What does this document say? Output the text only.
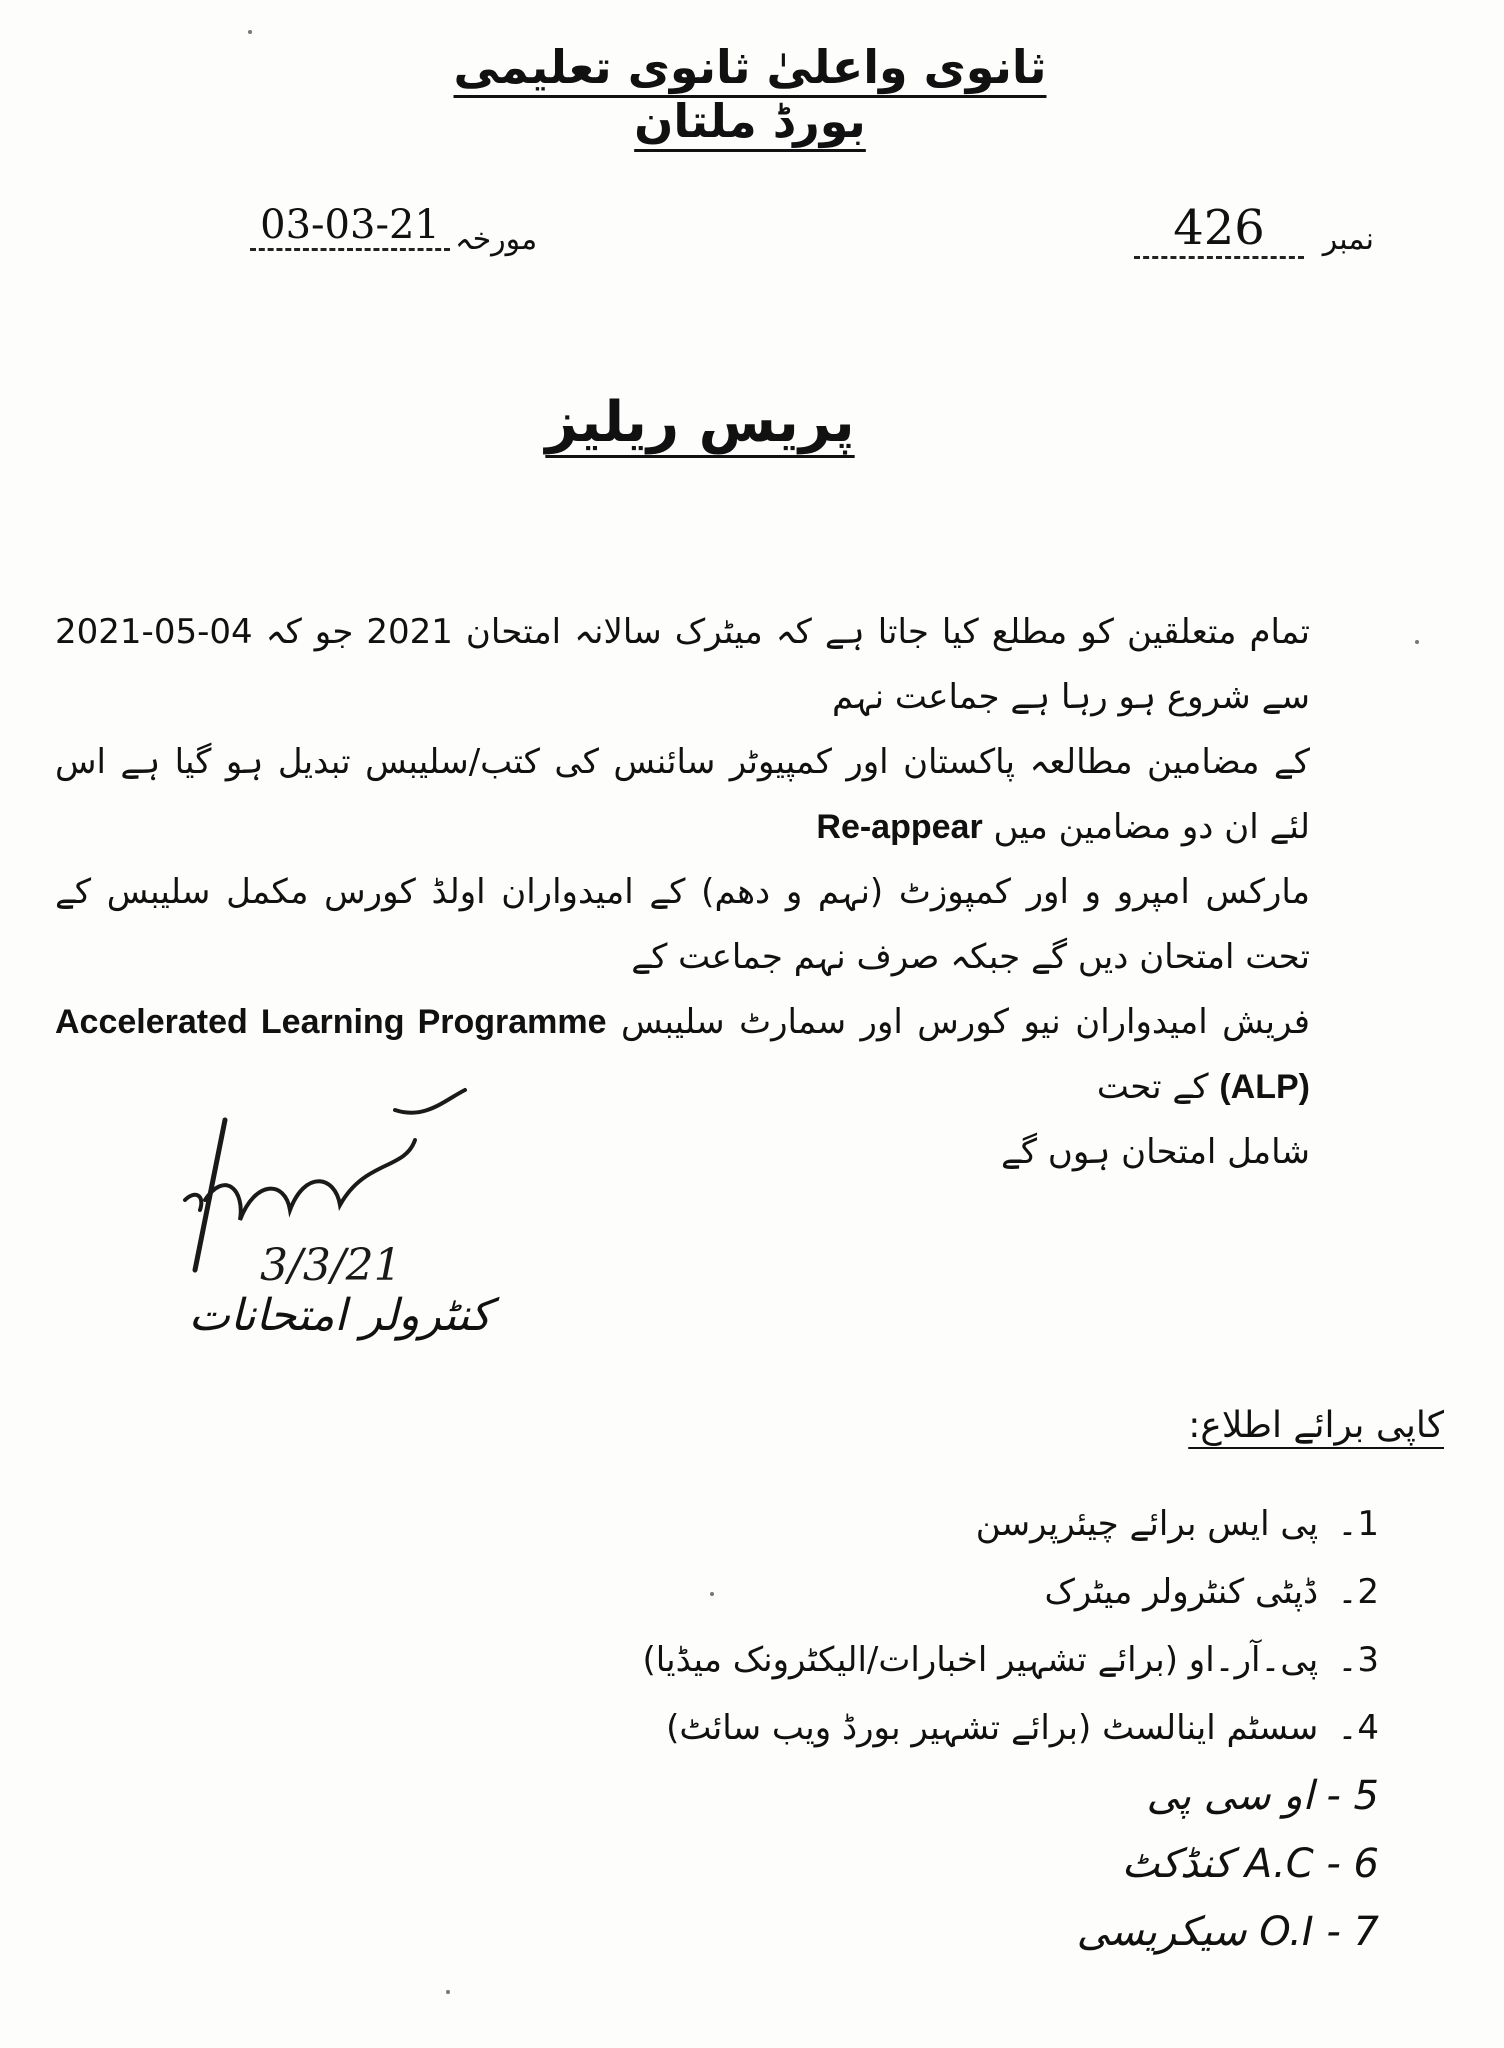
ثانوی واعلیٰ ثانوی تعلیمی بورڈ ملتان
نمبر
426
مورخہ
03-03-21
پریس ریلیز

تمام متعلقین کو مطلع کیا جاتا ہے کہ میٹرک سالانہ امتحان 2021 جو کہ 04-05-2021 سے شروع ہو رہا ہے جماعت نہم

کے مضامین مطالعہ پاکستان اور کمپیوٹر سائنس کی کتب/سلیبس تبدیل ہو گیا ہے اس لئے ان دو مضامین میں Re-appear

مارکس امپرو و اور کمپوزٹ (نہم و دھم) کے امیدواران اولڈ کورس مکمل سلیبس کے تحت امتحان دیں گے جبکہ صرف نہم جماعت کے

فریش امیدواران نیو کورس اور سمارٹ سلیبس Accelerated Learning Programme (ALP) کے تحت

شامل امتحان ہوں گے

3/3/21
کنٹرولر امتحانات
کاپی برائے اطلاع:
1۔ پی ایس برائے چیئرپرسن
2۔ ڈپٹی کنٹرولر میٹرک
3۔ پی۔آر۔او (برائے تشہیر اخبارات/الیکٹرونک میڈیا)
4۔ سسٹم اینالسٹ (برائے تشہیر بورڈ ویب سائٹ)
5 - او سی پی
6 - A.C کنڈکٹ
7 - O.I سیکریسی
